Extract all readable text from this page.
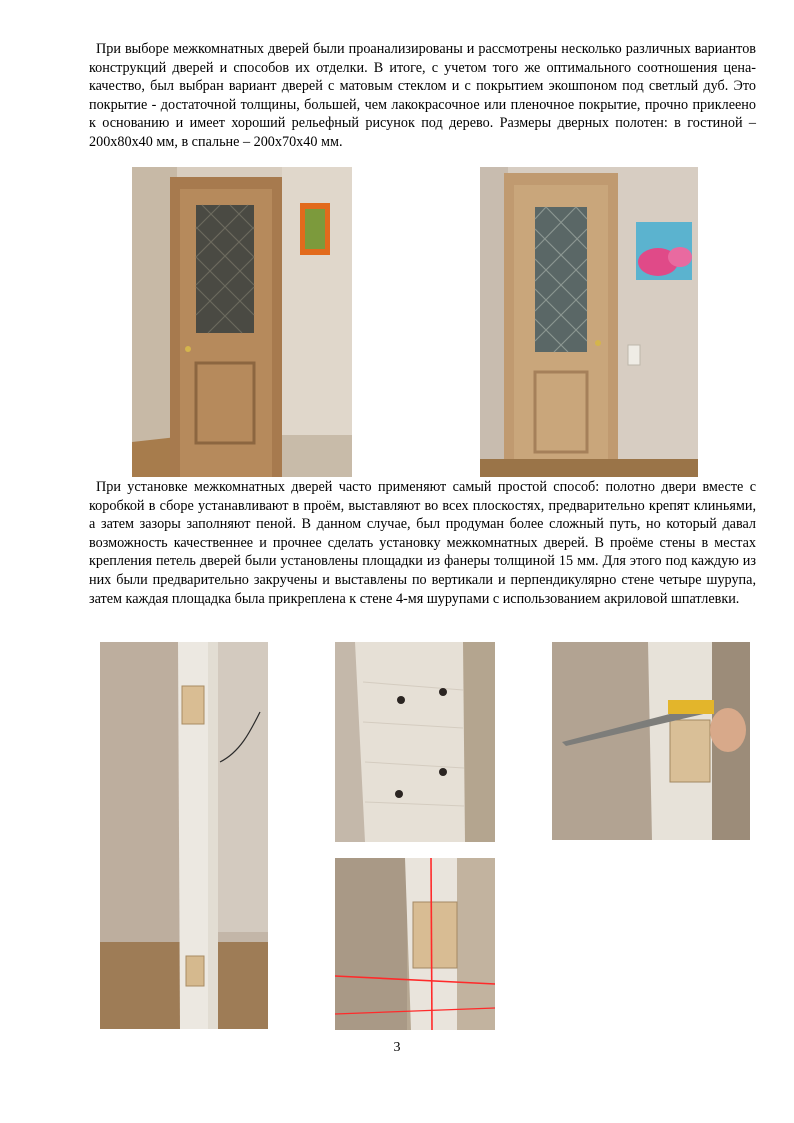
При выборе межкомнатных дверей были проанализированы и рассмотрены несколько различных вариантов конструкций дверей и способов их отделки. В итоге, с учетом того же оптимального соотношения цена-качество, был выбран вариант дверей с матовым стеклом и с покрытием экошпоном под светлый дуб. Это покрытие - достаточной толщины, большей, чем лакокрасочное или пленочное покрытие, прочно приклеено к основанию и имеет хороший рельефный рисунок под дерево. Размеры дверных полотен: в гостиной – 200х80х40 мм, в спальне – 200х70х40 мм.

При установке межкомнатных дверей часто применяют самый простой способ: полотно двери вместе с коробкой в сборе устанавливают в проём, выставляют во всех плоскостях, предварительно крепят клиньями, а затем зазоры заполняют пеной. В данном случае, был продуман более сложный путь, но который давал возможность качественнее и прочнее сделать установку межкомнатных дверей. В проёме стены в местах крепления петель дверей были установлены площадки из фанеры толщиной 15 мм. Для этого под каждую из них были предварительно закручены и выставлены по вертикали и перпендикулярно стене четыре шурупа, затем каждая площадка была прикреплена к стене 4-мя шурупами с использованием акриловой шпатлевки.

3
